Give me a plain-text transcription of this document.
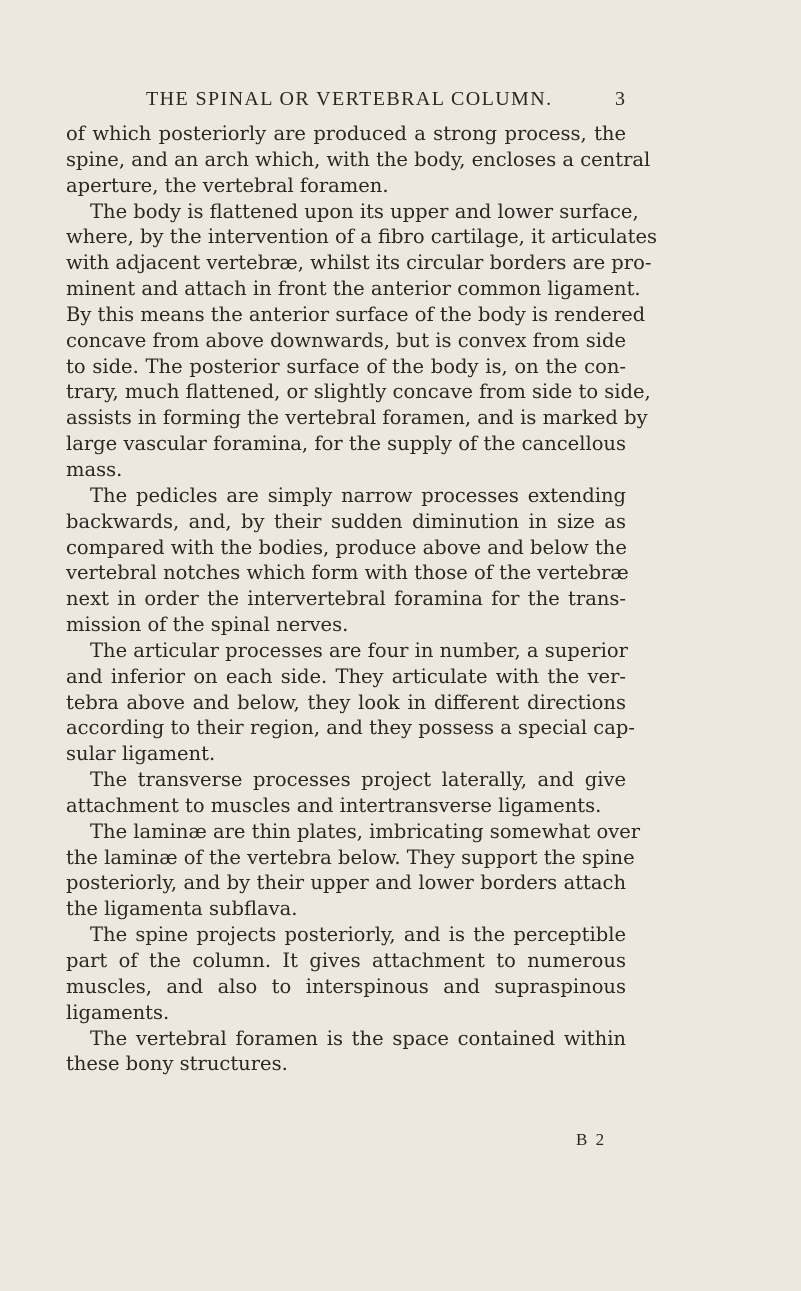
THE SPINAL OR VERTEBRAL COLUMN.	3
of which posteriorly are produced a strong process, the
spine, and an arch which, with the body, encloses a central
aperture, the vertebral foramen.
The body is flattened upon its upper and lower surface,
where, by the intervention of a fibro cartilage, it articulates
with adjacent vertebræ, whilst its circular borders are pro-
minent and attach in front the anterior common ligament.
By this means the anterior surface of the body is rendered
concave from above downwards, but is convex from side
to side. The posterior surface of the body is, on the con-
trary, much flattened, or slightly concave from side to side,
assists in forming the vertebral foramen, and is marked by
large vascular foramina, for the supply of the cancellous
mass.
The pedicles are simply narrow processes extending
backwards, and, by their sudden diminution in size as
compared with the bodies, produce above and below the
vertebral notches which form with those of the vertebræ
next in order the intervertebral foramina for the trans-
mission of the spinal nerves.
The articular processes are four in number, a superior
and inferior on each side. They articulate with the ver-
tebra above and below, they look in different directions
according to their region, and they possess a special cap-
sular ligament.
The transverse processes project laterally, and give
attachment to muscles and intertransverse ligaments.
The laminæ are thin plates, imbricating somewhat over
the laminæ of the vertebra below. They support the spine
posteriorly, and by their upper and lower borders attach
the ligamenta subflava.
The spine projects posteriorly, and is the perceptible
part of the column. It gives attachment to numerous
muscles, and also to interspinous and supraspinous
ligaments.
The vertebral foramen is the space contained within
these bony structures.
B 2
